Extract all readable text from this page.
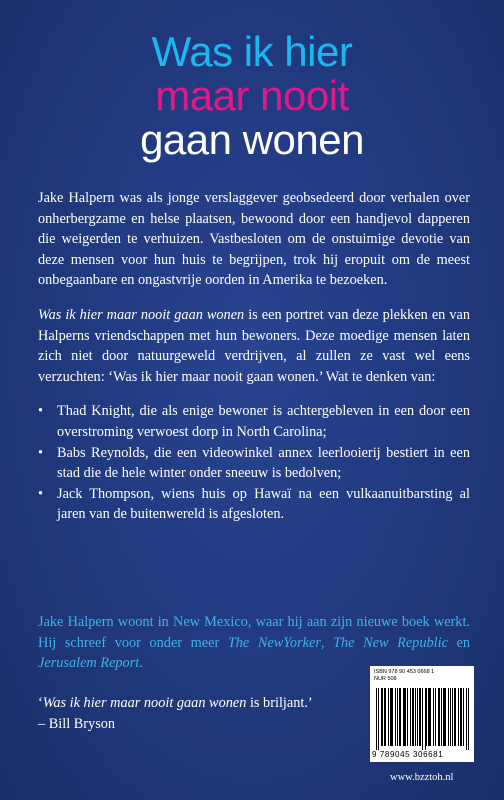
Was ik hier
maar nooit
gaan wonen

Jake Halpern was als jonge verslaggever geobsedeerd door verhalen over onherbergzame en helse plaatsen, bewoond door een handjevol dapperen die weigerden te verhuizen. Vastbesloten om de onstuimige devotie van deze mensen voor hun huis te begrijpen, trok hij eropuit om de meest onbegaanbare en ongastvrije oorden in Amerika te bezoeken.

Was ik hier maar nooit gaan wonen is een portret van deze plekken en van Halperns vriendschappen met hun bewoners. Deze moedige mensen laten zich niet door natuurgeweld verdrijven, al zullen ze vast wel eens verzuchten: ‘Was ik hier maar nooit gaan wonen.’ Wat te denken van:

• Thad Knight, die als enige bewoner is achtergebleven in een door een overstroming verwoest dorp in North Carolina;
• Babs Reynolds, die een videowinkel annex leerlooierij bestiert in een stad die de hele winter onder sneeuw is bedolven;
• Jack Thompson, wiens huis op Hawaï na een vulkaanuitbarsting al jaren van de buitenwereld is afgesloten.
Jake Halpern woont in New Mexico, waar hij aan zijn nieuwe boek werkt. Hij schreef voor onder meer The NewYorker, The New Republic en Jerusalem Report.
‘Was ik hier maar nooit gaan wonen is briljant.’
– Bill Bryson
ISBN 978 90 453 0668 1
NUR 508
9 789045 306681
www.bzztoh.nl
